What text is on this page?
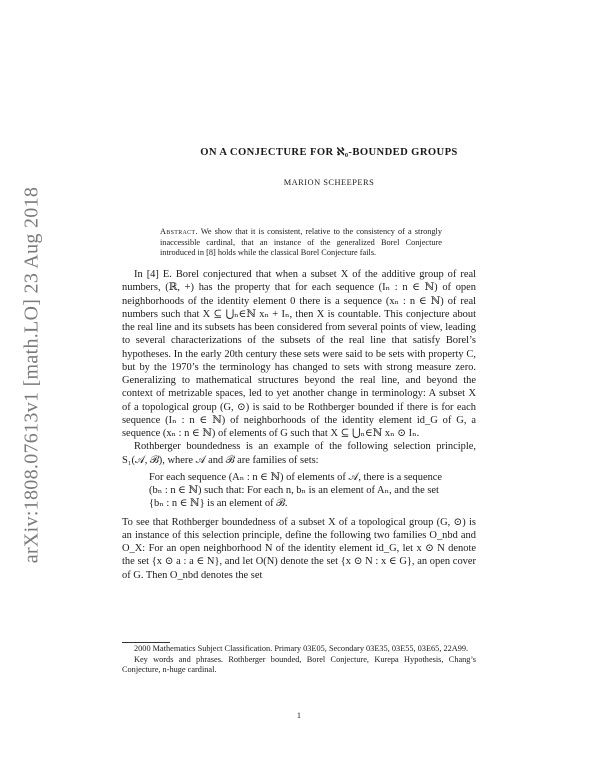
arXiv:1808.07613v1 [math.LO] 23 Aug 2018
ON A CONJECTURE FOR ℵ₀-BOUNDED GROUPS
MARION SCHEEPERS
Abstract. We show that it is consistent, relative to the consistency of a strongly inaccessible cardinal, that an instance of the generalized Borel Conjecture introduced in [8] holds while the classical Borel Conjecture fails.

In [4] E. Borel conjectured that when a subset X of the additive group of real numbers, (ℝ, +) has the property that for each sequence (Iₙ : n ∈ ℕ) of open neighborhoods of the identity element 0 there is a sequence (xₙ : n ∈ ℕ) of real numbers such that X ⊆ ⋃ₙ∈ℕ xₙ + Iₙ, then X is countable. This conjecture about the real line and its subsets has been considered from several points of view, leading to several characterizations of the subsets of the real line that satisfy Borel’s hypotheses. In the early 20th century these sets were said to be sets with property C, but by the 1970’s the terminology has changed to sets with strong measure zero. Generalizing to mathematical structures beyond the real line, and beyond the context of metrizable spaces, led to yet another change in terminology: A subset X of a topological group (G, ⊙) is said to be Rothberger bounded if there is for each sequence (Iₙ : n ∈ ℕ) of neighborhoods of the identity element id_G of G, a sequence (xₙ : n ∈ ℕ) of elements of G such that X ⊆ ⋃ₙ∈ℕ xₙ ⊙ Iₙ.

Rothberger boundedness is an example of the following selection principle, S₁(𝒜, ℬ), where 𝒜 and ℬ are families of sets:

For each sequence (Aₙ : n ∈ ℕ) of elements of 𝒜, there is a sequence (bₙ : n ∈ ℕ) such that: For each n, bₙ is an element of Aₙ, and the set {bₙ : n ∈ ℕ} is an element of ℬ.

To see that Rothberger boundedness of a subset X of a topological group (G, ⊙) is an instance of this selection principle, define the following two families O_nbd and O_X: For an open neighborhood N of the identity element id_G, let x ⊙ N denote the set {x ⊙ a : a ∈ N}, and let O(N) denote the set {x ⊙ N : x ∈ G}, an open cover of G. Then O_nbd denotes the set

2000 Mathematics Subject Classification. Primary 03E05, Secondary 03E35, 03E55, 03E65, 22A99.

Key words and phrases. Rothberger bounded, Borel Conjecture, Kurepa Hypothesis, Chang’s Conjecture, n-huge cardinal.

1
